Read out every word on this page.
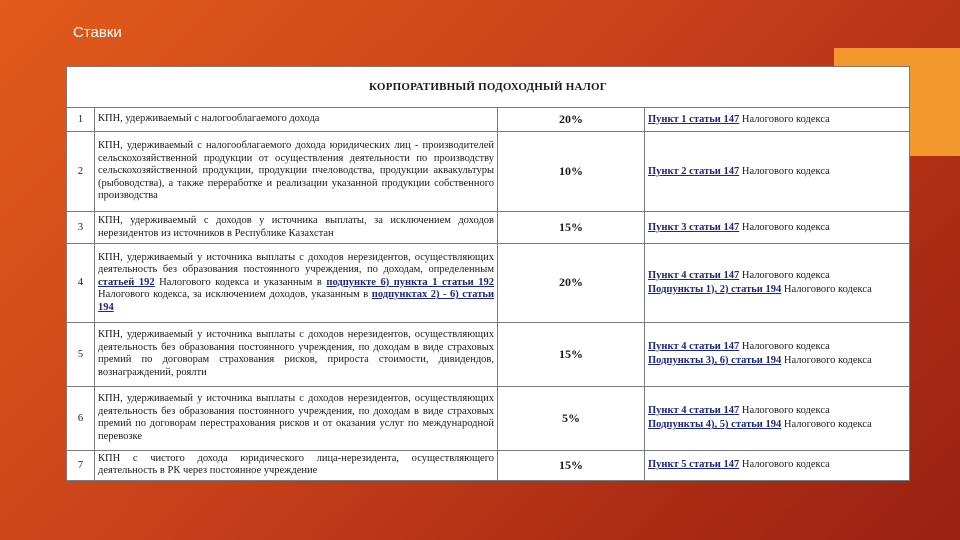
Ставки
КОРПОРАТИВНЫЙ ПОДОХОДНЫЙ НАЛОГ			
1	КПН, удерживаемый с налогооблагаемого дохода	20%	Пункт 1 статьи 147 Налогового кодекса
2	КПН, удерживаемый с налогооблагаемого дохода юридических лиц - производителей сельскохозяйственной продукции от осуществления деятельности по производству сельскохозяйственной продукции, продукции пчеловодства, продукции аквакультуры (рыбоводства), а также переработке и реализации указанной продукции собственного производства	10%	Пункт 2 статьи 147 Налогового кодекса
3	КПН, удерживаемый с доходов у источника выплаты, за исключением доходов нерезидентов из источников в Республике Казахстан	15%	Пункт 3 статьи 147 Налогового кодекса
4	КПН, удерживаемый у источника выплаты с доходов нерезидентов, осуществляющих деятельность без образования постоянного учреждения, по доходам, определенным статьей 192 Налогового кодекса и указанным в подпункте 6) пункта 1 статьи 192 Налогового кодекса, за исключением доходов, указанным в подпунктах 2) - 6) статьи 194	20%	Пункт 4 статьи 147 Налогового кодекса
Подпункты 1), 2) статьи 194 Налогового кодекса

5	КПН, удерживаемый у источника выплаты с доходов нерезидентов, осуществляющих деятельность без образования постоянного учреждения, по доходам в виде страховых премий по договорам страхования рисков, прироста стоимости, дивидендов, вознаграждений, роялти	15%	Пункт 4 статьи 147 Налогового кодекса
Подпункты 3), 6) статьи 194 Налогового кодекса

6	КПН, удерживаемый у источника выплаты с доходов нерезидентов, осуществляющих деятельность без образования постоянного учреждения, по доходам в виде страховых премий по договорам перестрахования рисков и от оказания услуг по международной перевозке	5%	Пункт 4 статьи 147 Налогового кодекса
Подпункты 4), 5) статьи 194 Налогового кодекса

7	КПН с чистого дохода юридического лица-нерезидента, осуществляющего деятельность в РК через постоянное учреждение	15%	Пункт 5 статьи 147 Налогового кодекса
